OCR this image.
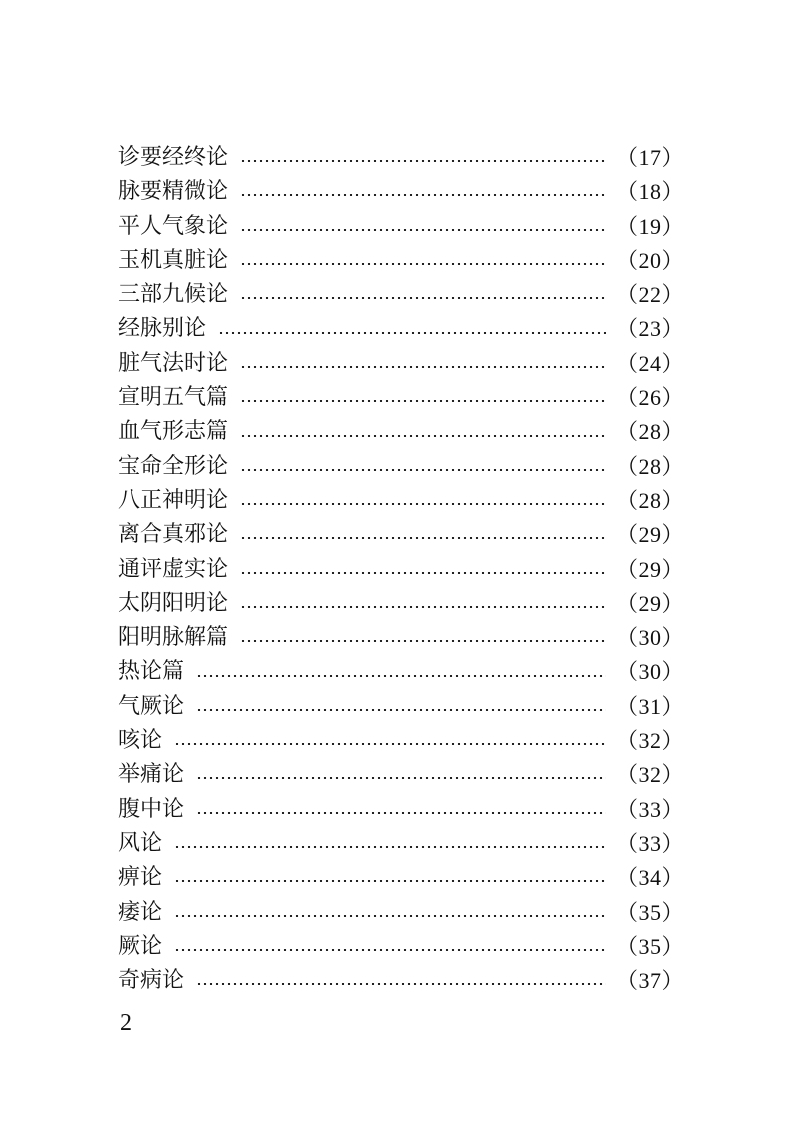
诊要经终论	（17）
脉要精微论	（18）
平人气象论	（19）
玉机真脏论	（20）
三部九候论	（22）
经脉别论	（23）
脏气法时论	（24）
宣明五气篇	（26）
血气形志篇	（28）
宝命全形论	（28）
八正神明论	（28）
离合真邪论	（29）
通评虚实论	（29）
太阴阳明论	（29）
阳明脉解篇	（30）
热论篇	（30）
气厥论	（31）
咳论	（32）
举痛论	（32）
腹中论	（33）
风论	（33）
痹论	（34）
痿论	（35）
厥论	（35）
奇病论	（37）
2
